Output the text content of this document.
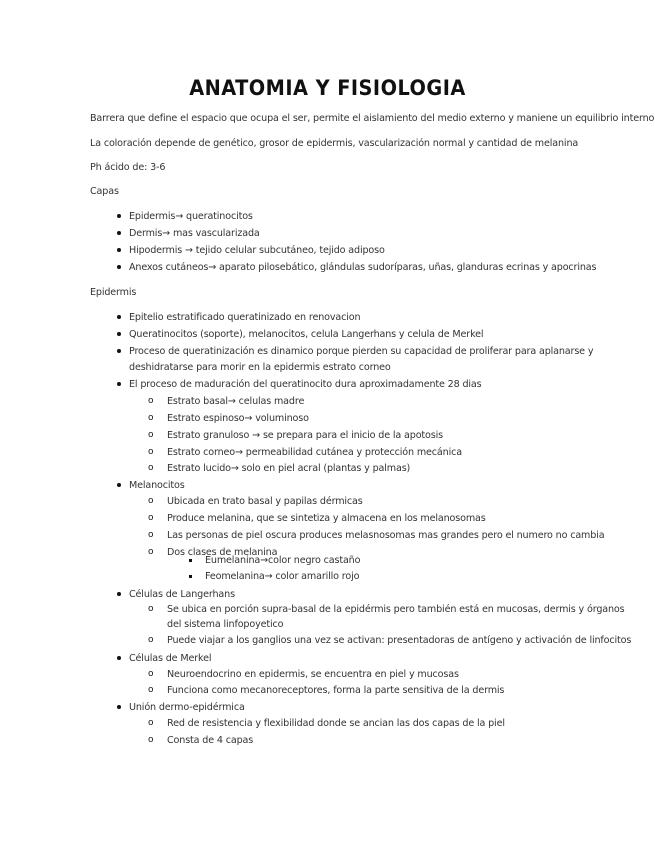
ANATOMIA Y FISIOLOGIA
Barrera que define el espacio que ocupa el ser, permite el aislamiento del medio externo y maniene un equilibrio interno
La coloración depende de genético, grosor de epidermis, vascularización normal y cantidad de melanina
Ph ácido de: 3-6
Capas
Epidermis→ queratinocitos
Dermis→ mas vascularizada
Hipodermis → tejido celular subcutáneo, tejido adiposo
Anexos cutáneos→ aparato pilosebático, glándulas sudoríparas, uñas, glanduras ecrinas y apocrinas
Epidermis
Epitelio estratificado queratinizado en renovacion
Queratinocitos (soporte), melanocitos, celula Langerhans y celula de Merkel
Proceso de queratinización es dinamico porque pierden su capacidad de proliferar para aplanarse y
deshidratarse para morir en la epidermis estrato corneo
El proceso de maduración del queratinocito dura aproximadamente 28 dias
o Estrato basal→ celulas madre
o Estrato espinoso→ voluminoso
o Estrato granuloso → se prepara para el inicio de la apotosis
o Estrato corneo→ permeabilidad cutánea y protección mecánica
o Estrato lucido→ solo en piel acral (plantas y palmas)
Melanocitos
o Ubicada en trato basal y papilas dérmicas
o Produce melanina, que se sintetiza y almacena en los melanosomas
o Las personas de piel oscura produces melasnosomas mas grandes pero el numero no cambia
o Dos clases de melanina
Eumelanina→color negro castaño
Feomelanina→ color amarillo rojo
Células de Langerhans
o Se ubica en porción supra-basal de la epidérmis pero también está en mucosas, dermis y órganos
del sistema linfopoyetico
o Puede viajar a los ganglios una vez se activan: presentadoras de antígeno y activación de linfocitos
Células de Merkel
o Neuroendocrino en epidermis, se encuentra en piel y mucosas
o Funciona como mecanoreceptores, forma la parte sensitiva de la dermis
Unión dermo-epidérmica
o Red de resistencia y flexibilidad donde se ancian las dos capas de la piel
o Consta de 4 capas
